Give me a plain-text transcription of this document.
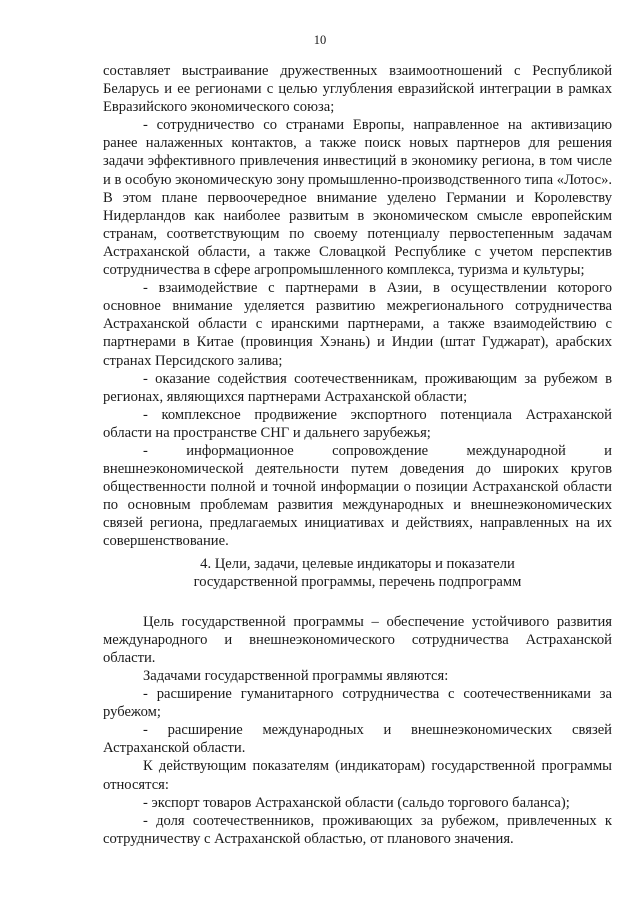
10

составляет выстраивание дружественных взаимоотношений с Республикой Беларусь и ее регионами с целью углубления евразийской интеграции в рамках Евразийского экономического союза;

- сотрудничество со странами Европы, направленное на активизацию ранее налаженных контактов, а также поиск новых партнеров для решения задачи эффективного привлечения инвестиций в экономику региона, в том числе и в особую экономическую зону промышленно-производственного типа «Лотос». В этом плане первоочередное внимание уделено Германии и Королевству Нидерландов как наиболее развитым в экономическом смысле европейским странам, соответствующим по своему потенциалу первостепенным задачам Астраханской области, а также Словацкой Республике с учетом перспектив сотрудничества в сфере агропромышленного комплекса, туризма и культуры;

- взаимодействие с партнерами в Азии, в осуществлении которого основное внимание уделяется развитию межрегионального сотрудничества Астраханской области с иранскими партнерами, а также взаимодействию с партнерами в Китае (провинция Хэнань) и Индии (штат Гуджарат), арабских странах Персидского залива;

- оказание содействия соотечественникам, проживающим за рубежом в регионах, являющихся партнерами Астраханской области;

- комплексное продвижение экспортного потенциала Астраханской области на пространстве СНГ и дальнего зарубежья;

- информационное сопровождение международной и внешнеэкономической деятельности путем доведения до широких кругов общественности полной и точной информации о позиции Астраханской области по основным проблемам развития международных и внешнеэкономических связей региона, предлагаемых инициативах и действиях, направленных на их совершенствование.

4. Цели, задачи, целевые индикаторы и показатели
государственной программы, перечень подпрограмм

Цель государственной программы – обеспечение устойчивого развития международного и внешнеэкономического сотрудничества Астраханской области.

Задачами государственной программы являются:

- расширение гуманитарного сотрудничества с соотечественниками за рубежом;

- расширение международных и внешнеэкономических связей Астраханской области.

К действующим показателям (индикаторам) государственной программы относятся:

- экспорт товаров Астраханской области (сальдо торгового баланса);

- доля соотечественников, проживающих за рубежом, привлеченных к сотрудничеству с Астраханской областью, от планового значения.
